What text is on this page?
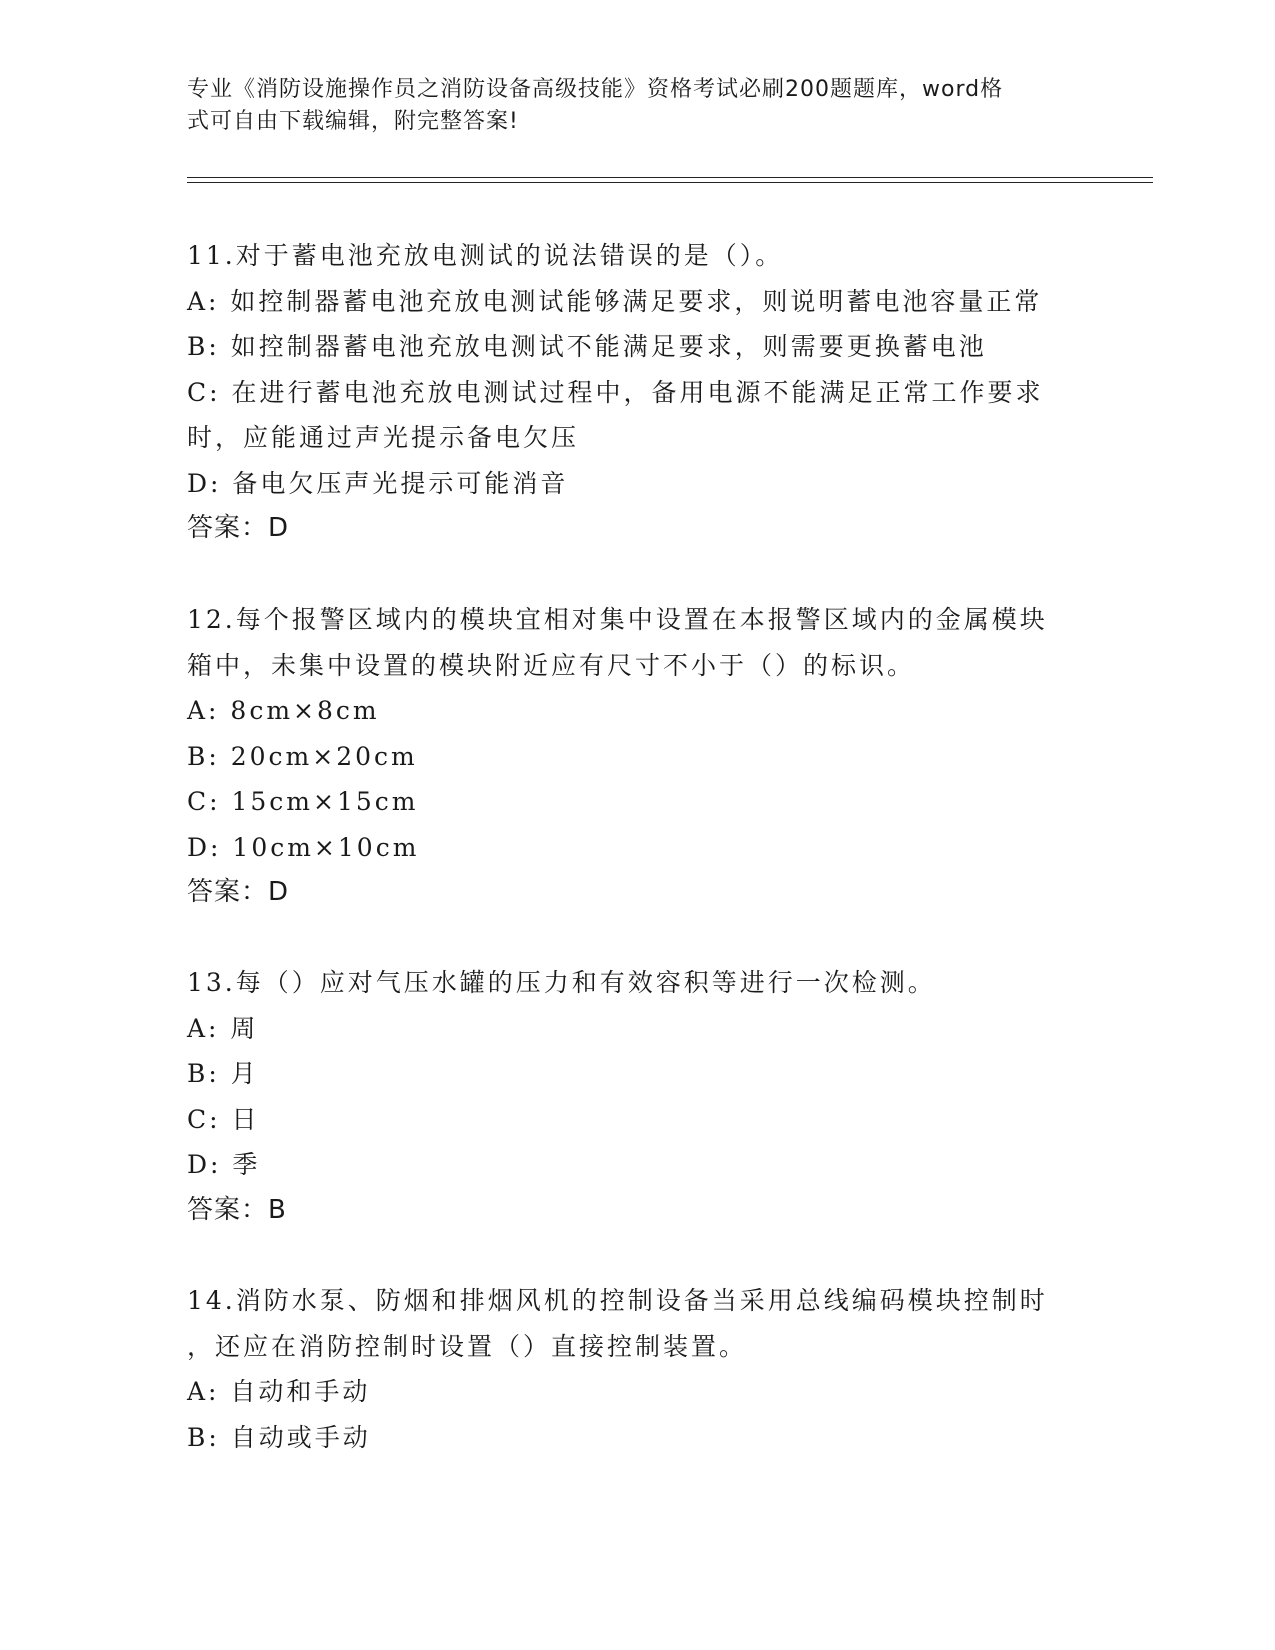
专业《消防设施操作员之消防设备高级技能》资格考试必刷200题题库，word格
式可自由下载编辑，附完整答案!
11.对于蓄电池充放电测试的说法错误的是（）。
A: 如控制器蓄电池充放电测试能够满足要求，则说明蓄电池容量正常
B: 如控制器蓄电池充放电测试不能满足要求，则需要更换蓄电池
C: 在进行蓄电池充放电测试过程中，备用电源不能满足正常工作要求
时，应能通过声光提示备电欠压
D: 备电欠压声光提示可能消音
答案：D
12.每个报警区域内的模块宜相对集中设置在本报警区域内的金属模块
箱中，未集中设置的模块附近应有尺寸不小于（）的标识。
A: 8cm×8cm
B: 20cm×20cm
C: 15cm×15cm
D: 10cm×10cm
答案：D
13.每（）应对气压水罐的压力和有效容积等进行一次检测。
A: 周
B: 月
C: 日
D: 季
答案：B
14.消防水泵、防烟和排烟风机的控制设备当采用总线编码模块控制时
，还应在消防控制时设置（）直接控制装置。
A: 自动和手动
B: 自动或手动
